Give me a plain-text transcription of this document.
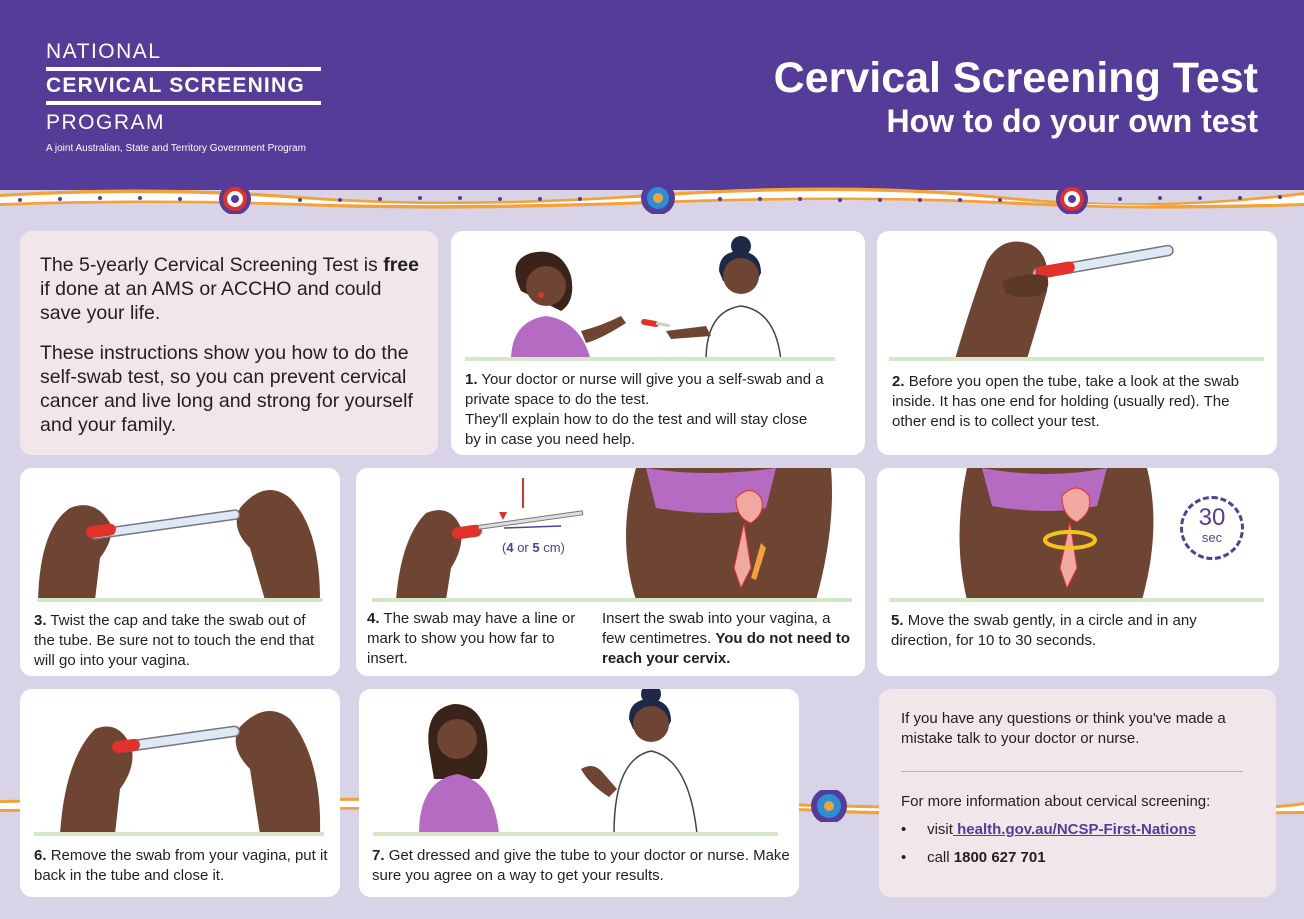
NATIONAL
CERVICAL SCREENING
PROGRAM
A joint Australian, State and Territory Government Program
Cervical Screening Test
How to do your own test

The 5-yearly Cervical Screening Test is free if done at an AMS or ACCHO and could save your life.

These instructions show you how to do the self-swab test, so you can prevent cervical cancer and live long and strong for yourself and your family.

1. Your doctor or nurse will give you a self-swab and a private space to do the test.
They'll explain how to do the test and will stay close by in case you need help.
2. Before you open the tube, take a look at the swab inside. It has one end for holding (usually red). The other end is to collect your test.
3. Twist the cap and take the swab out of the tube. Be sure not to touch the end that will go into your vagina.
(4 or 5 cm)
4. The swab may have a line or mark to show you how far to insert.
Insert the swab into your vagina, a few centimetres. You do not need to reach your cervix.
30
sec
5. Move the swab gently, in a circle and in any direction, for 10 to 30 seconds.
6. Remove the swab from your vagina, put it back in the tube and close it.
7. Get dressed and give the tube to your doctor or nurse. Make sure you agree on a way to get your results.
If you have any questions or think you've made a mistake talk to your doctor or nurse.
For more information about cervical screening:
•     visit health.gov.au/NCSP-First-Nations
•     call 1800 627 701
